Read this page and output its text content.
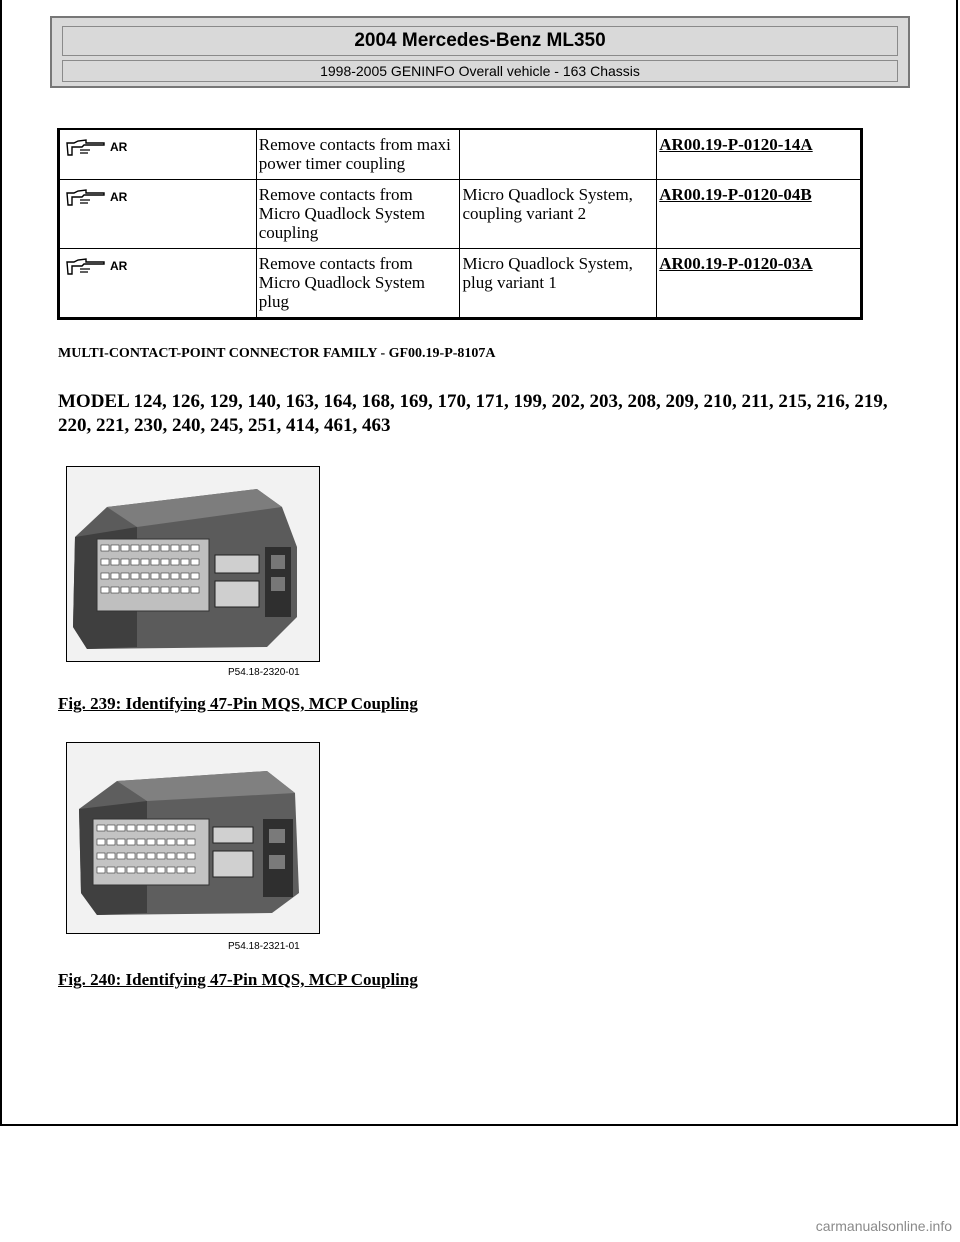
2004 Mercedes-Benz ML350
1998-2005 GENINFO Overall vehicle - 163 Chassis
AR	Remove contacts from maxi power timer coupling		AR00.19-P-0120-14A

AR	Remove contacts from Micro Quadlock System coupling	Micro Quadlock System, coupling variant 2	AR00.19-P-0120-04B

AR	Remove contacts from Micro Quadlock System plug	Micro Quadlock System, plug variant 1	AR00.19-P-0120-03A
MULTI-CONTACT-POINT CONNECTOR FAMILY - GF00.19-P-8107A
MODEL 124, 126, 129, 140, 163, 164, 168, 169, 170, 171, 199, 202, 203, 208, 209, 210, 211, 215, 216, 219, 220, 221, 230, 240, 245, 251, 414, 461, 463
P54.18-2320-01
Fig. 239: Identifying 47-Pin MQS, MCP Coupling
P54.18-2321-01
Fig. 240: Identifying 47-Pin MQS, MCP Coupling
carmanualsonline.info
